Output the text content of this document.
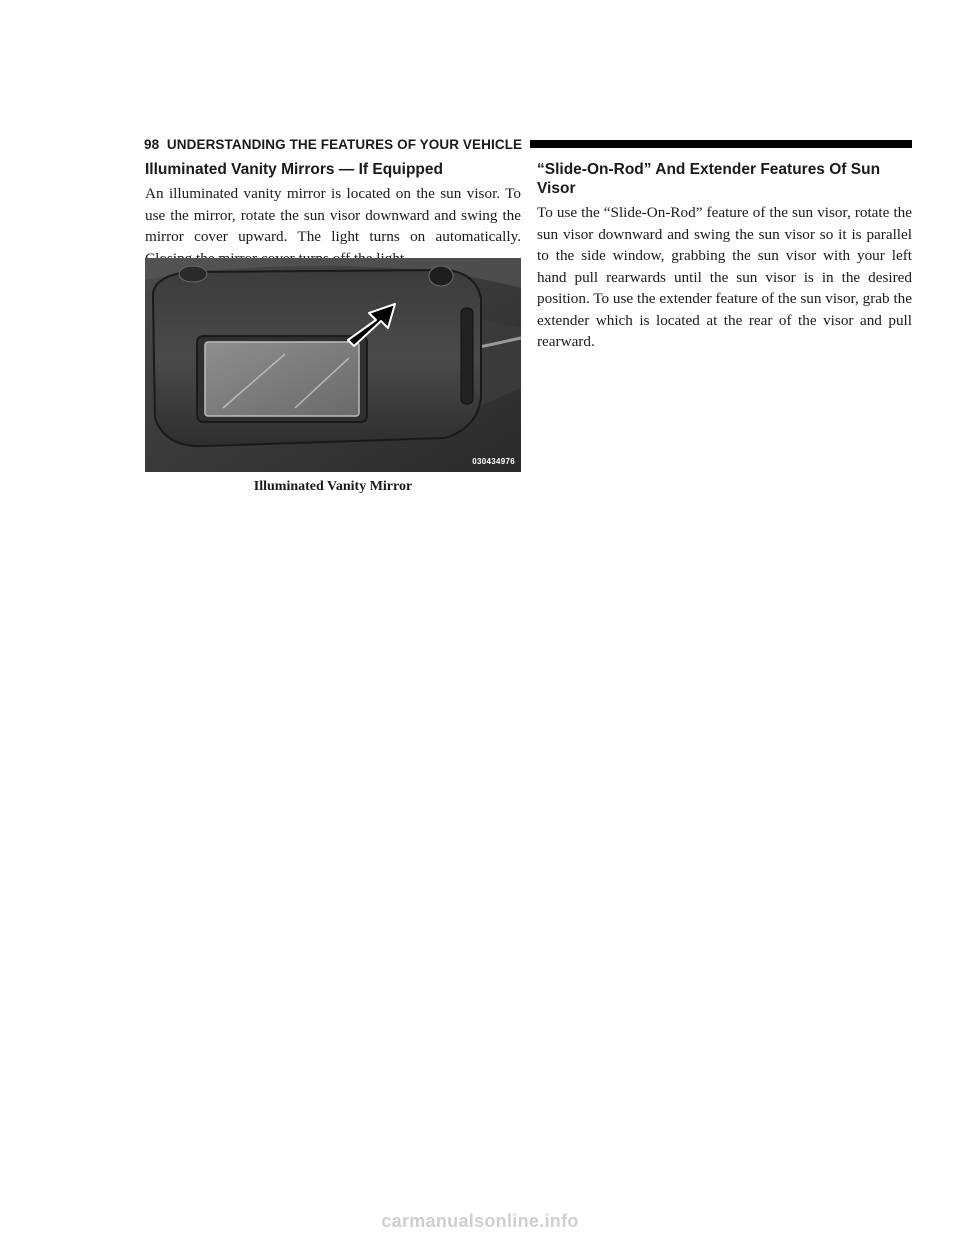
98 UNDERSTANDING THE FEATURES OF YOUR VEHICLE
Illuminated Vanity Mirrors — If Equipped

An illuminated vanity mirror is located on the sun visor. To use the mirror, rotate the sun visor downward and swing the mirror cover upward. The light turns on automatically.

030434976
Illuminated Vanity Mirror
“Slide-On-Rod” And Extender Features Of Sun Visor

To use the “Slide-On-Rod” feature of the sun visor, rotate the sun visor downward and swing the sun visor so it is parallel to the side window, grabbing the sun visor with your left hand pull rearwards until the sun visor is in the desired position. To use the extender feature of the sun visor, grab the extender which is located at the rear of the visor and pull rearward.

carmanualsonline.info
